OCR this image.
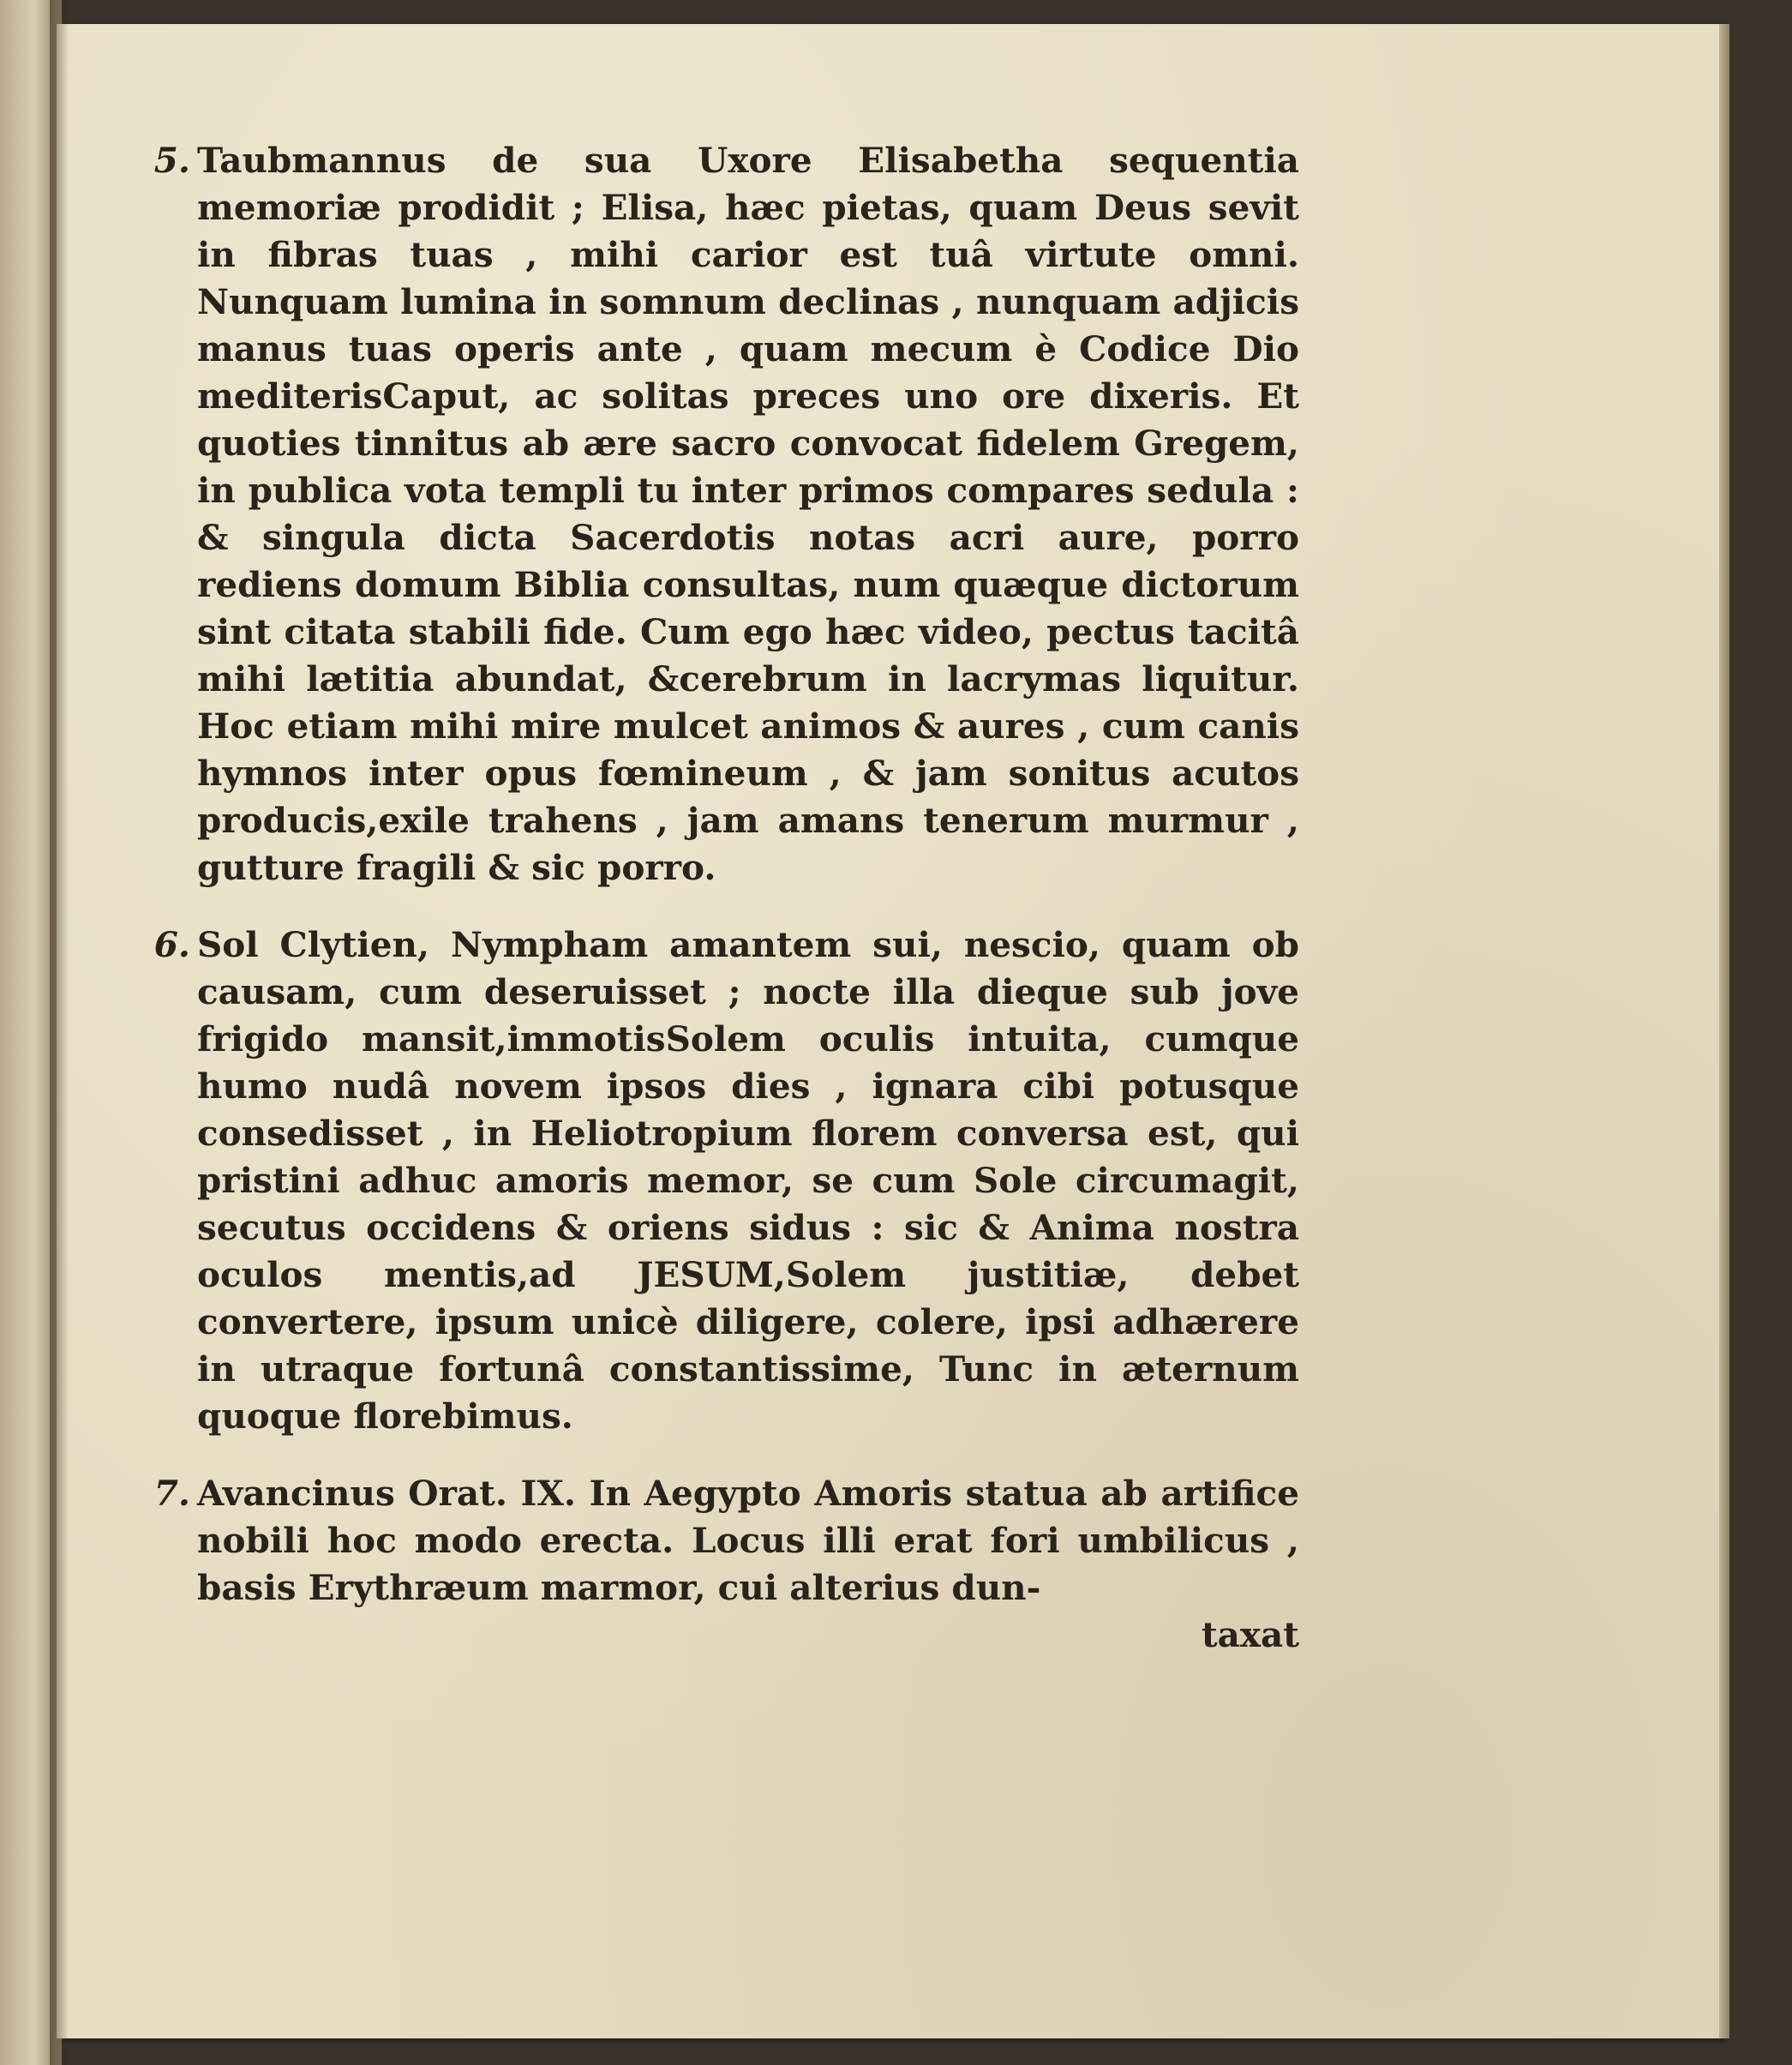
5. Taubmannus de sua Uxore Elisabetha sequentia memoriæ prodidit ; Elisa, hæc pietas, quam Deus sevit in fibras tuas , mihi carior est tuâ virtute omni. Nunquam lumina in somnum declinas , nunquam adjicis manus tuas operis ante , quam mecum è Codice Dio mediterisCaput, ac solitas preces uno ore dixeris. Et quoties tinnitus ab ære sacro convocat fidelem Gregem, in publica vota templi tu inter primos compares sedula : & singula dicta Sacerdotis notas acri aure, porro rediens domum Biblia consultas, num quæque dictorum sint citata stabili fide. Cum ego hæc video, pectus tacitâ mihi lætitia abundat, &cerebrum in lacrymas liquitur. Hoc etiam mihi mire mulcet animos & aures , cum canis hymnos inter opus fœmineum , & jam sonitus acutos producis,exile trahens , jam amans tenerum murmur , gutture fragili & sic porro.

6. Sol Clytien, Nympham amantem sui, nescio, quam ob causam, cum deseruisset ; nocte illa dieque sub jove frigido mansit,immotisSolem oculis intuita, cumque humo nudâ novem ipsos dies , ignara cibi potusque consedisset , in Heliotropium florem conversa est, qui pristini adhuc amoris memor, se cum Sole circumagit, secutus occidens & oriens sidus : sic & Anima nostra oculos mentis,ad JESUM,Solem justitiæ, debet convertere, ipsum unicè diligere, colere, ipsi adhærere in utraque fortunâ constantissime, Tunc in æternum quoque florebimus.

7. Avancinus Orat. IX. In Aegypto Amoris statua ab artifice nobili hoc modo erecta. Locus illi erat fori umbilicus , basis Erythræum marmor, cui alterius dun-

taxat
